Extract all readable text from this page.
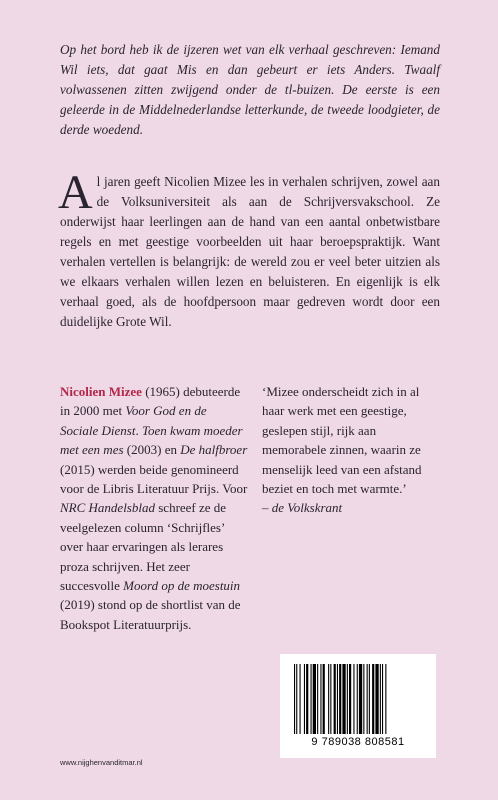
Op het bord heb ik de ijzeren wet van elk verhaal geschreven: Iemand Wil iets, dat gaat Mis en dan gebeurt er iets Anders. Twaalf volwassenen zitten zwijgend onder de tl-buizen. De eerste is een geleerde in de Middelnederlandse letterkunde, de tweede loodgieter, de derde woedend.
Al jaren geeft Nicolien Mizee les in verhalen schrijven, zowel aan de Volksuniversiteit als aan de Schrijversvakschool. Ze onderwijst haar leerlingen aan de hand van een aantal onbetwistbare regels en met geestige voorbeelden uit haar beroepspraktijk. Want verhalen vertellen is belangrijk: de wereld zou er veel beter uitzien als we elkaars verhalen willen lezen en beluisteren. En eigenlijk is elk verhaal goed, als de hoofdpersoon maar gedreven wordt door een duidelijke Grote Wil.
Nicolien Mizee (1965) debuteerde in 2000 met Voor God en de Sociale Dienst. Toen kwam moeder met een mes (2003) en De halfbroer (2015) werden beide genomineerd voor de Libris Literatuur Prijs. Voor NRC Handelsblad schreef ze de veelgelezen column ‘Schrijfles’ over haar ervaringen als lerares proza schrijven. Het zeer succesvolle Moord op de moestuin (2019) stond op de shortlist van de Bookspot Literatuurprijs.
‘Mizee onderscheidt zich in al haar werk met een geestige, geslepen stijl, rijk aan memorabele zinnen, waarin ze menselijk leed van een afstand beziet en toch met warmte.’
– de Volkskrant
9 789038 808581
www.nijghenvanditmar.nl
